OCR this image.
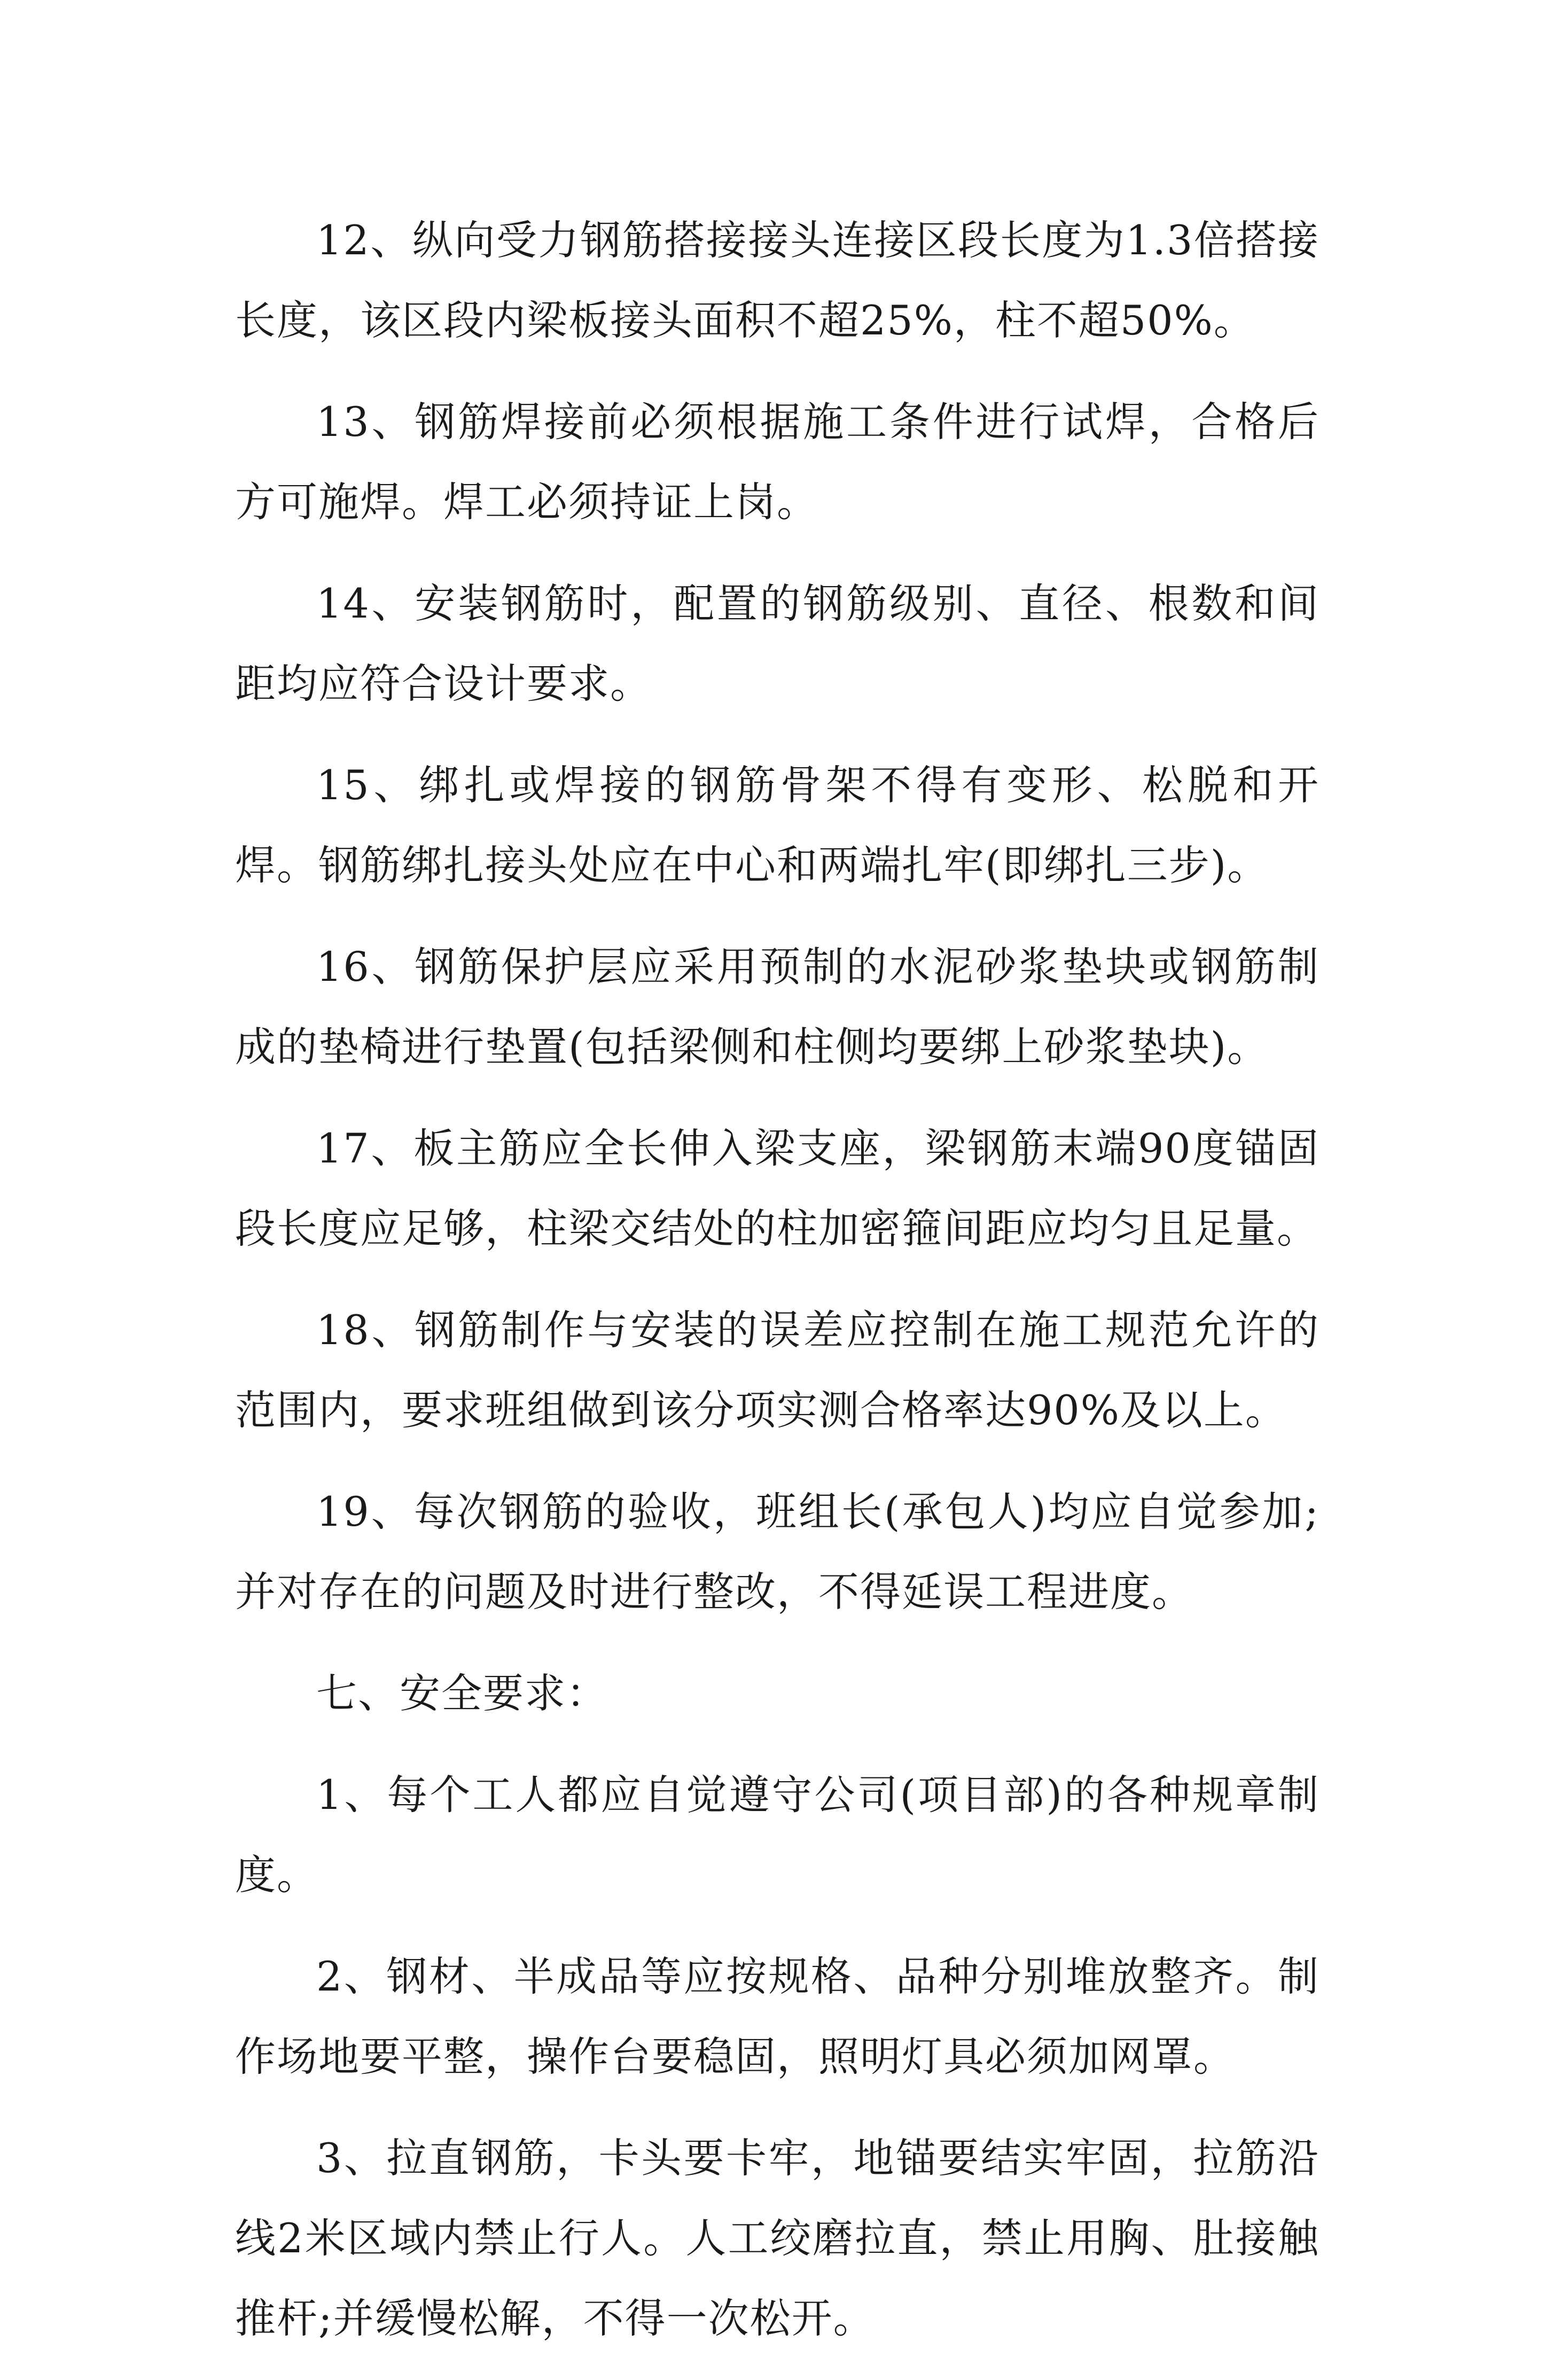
12、纵向受力钢筋搭接接头连接区段长度为1.3倍搭接长度，该区段内梁板接头面积不超25%，柱不超50%。

13、钢筋焊接前必须根据施工条件进行试焊，合格后方可施焊。焊工必须持证上岗。

14、安装钢筋时，配置的钢筋级别、直径、根数和间距均应符合设计要求。

15、绑扎或焊接的钢筋骨架不得有变形、松脱和开焊。钢筋绑扎接头处应在中心和两端扎牢(即绑扎三步)。

16、钢筋保护层应采用预制的水泥砂浆垫块或钢筋制成的垫椅进行垫置(包括梁侧和柱侧均要绑上砂浆垫块)。

17、板主筋应全长伸入梁支座，梁钢筋末端90度锚固段长度应足够，柱梁交结处的柱加密箍间距应均匀且足量。

18、钢筋制作与安装的误差应控制在施工规范允许的范围内，要求班组做到该分项实测合格率达90%及以上。

19、每次钢筋的验收，班组长(承包人)均应自觉参加;并对存在的问题及时进行整改，不得延误工程进度。

七、安全要求：

1、每个工人都应自觉遵守公司(项目部)的各种规章制度。

2、钢材、半成品等应按规格、品种分别堆放整齐。制作场地要平整，操作台要稳固，照明灯具必须加网罩。

3、拉直钢筋，卡头要卡牢，地锚要结实牢固，拉筋沿线2米区域内禁止行人。人工绞磨拉直，禁止用胸、肚接触推杆;并缓慢松解，不得一次松开。
